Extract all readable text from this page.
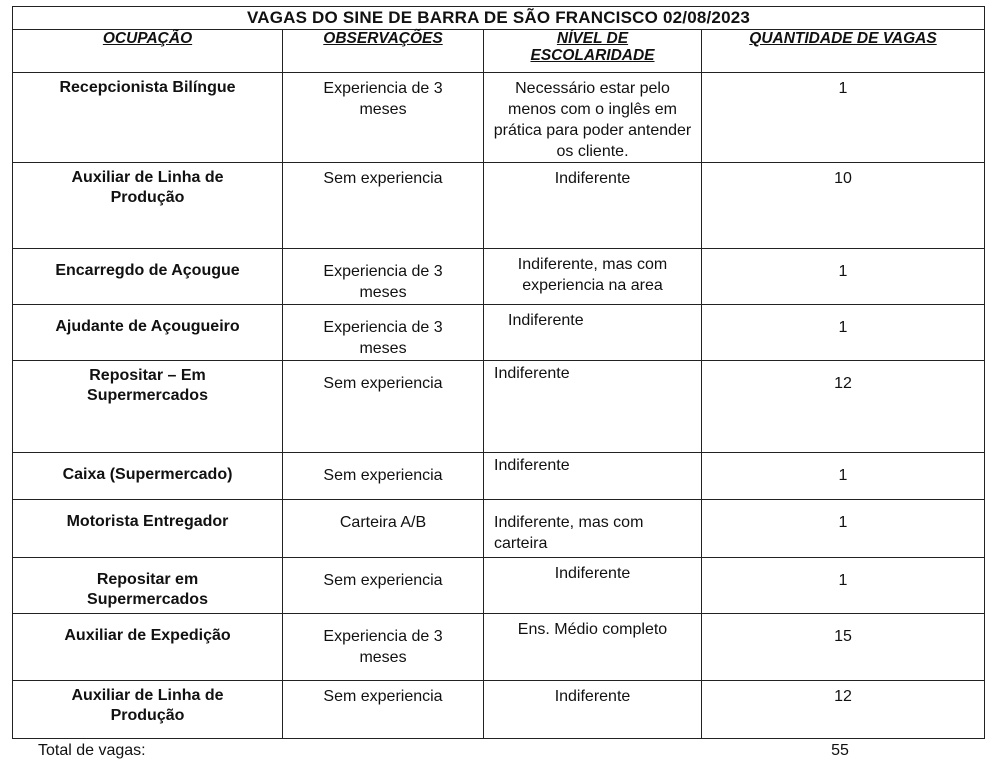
VAGAS DO SINE DE BARRA DE SÃO FRANCISCO 02/08/2023			
OCUPAÇÃO	OBSERVAÇÕES	NÍVEL DE ESCOLARIDADE	QUANTIDADE DE VAGAS
Recepcionista Bilíngue	Experiencia de 3 meses	Necessário estar pelo menos com o inglês em prática para poder antender os cliente.	1
Auxiliar de Linha de Produção	Sem experiencia	Indiferente	10
Encarregdo de Açougue	Experiencia de 3 meses	Indiferente, mas com experiencia na area	1
Ajudante de Açougueiro	Experiencia de 3 meses	Indiferente	1
Repositar – Em Supermercados	Sem experiencia	Indiferente	12
Caixa (Supermercado)	Sem experiencia	Indiferente	1
Motorista Entregador	Carteira A/B	Indiferente, mas com carteira	1
Repositar em Supermercados	Sem experiencia	Indiferente	1
Auxiliar de Expedição	Experiencia de 3 meses	Ens. Médio completo	15
Auxiliar de Linha de Produção	Sem experiencia	Indiferente	12
Total de vagas:	55
